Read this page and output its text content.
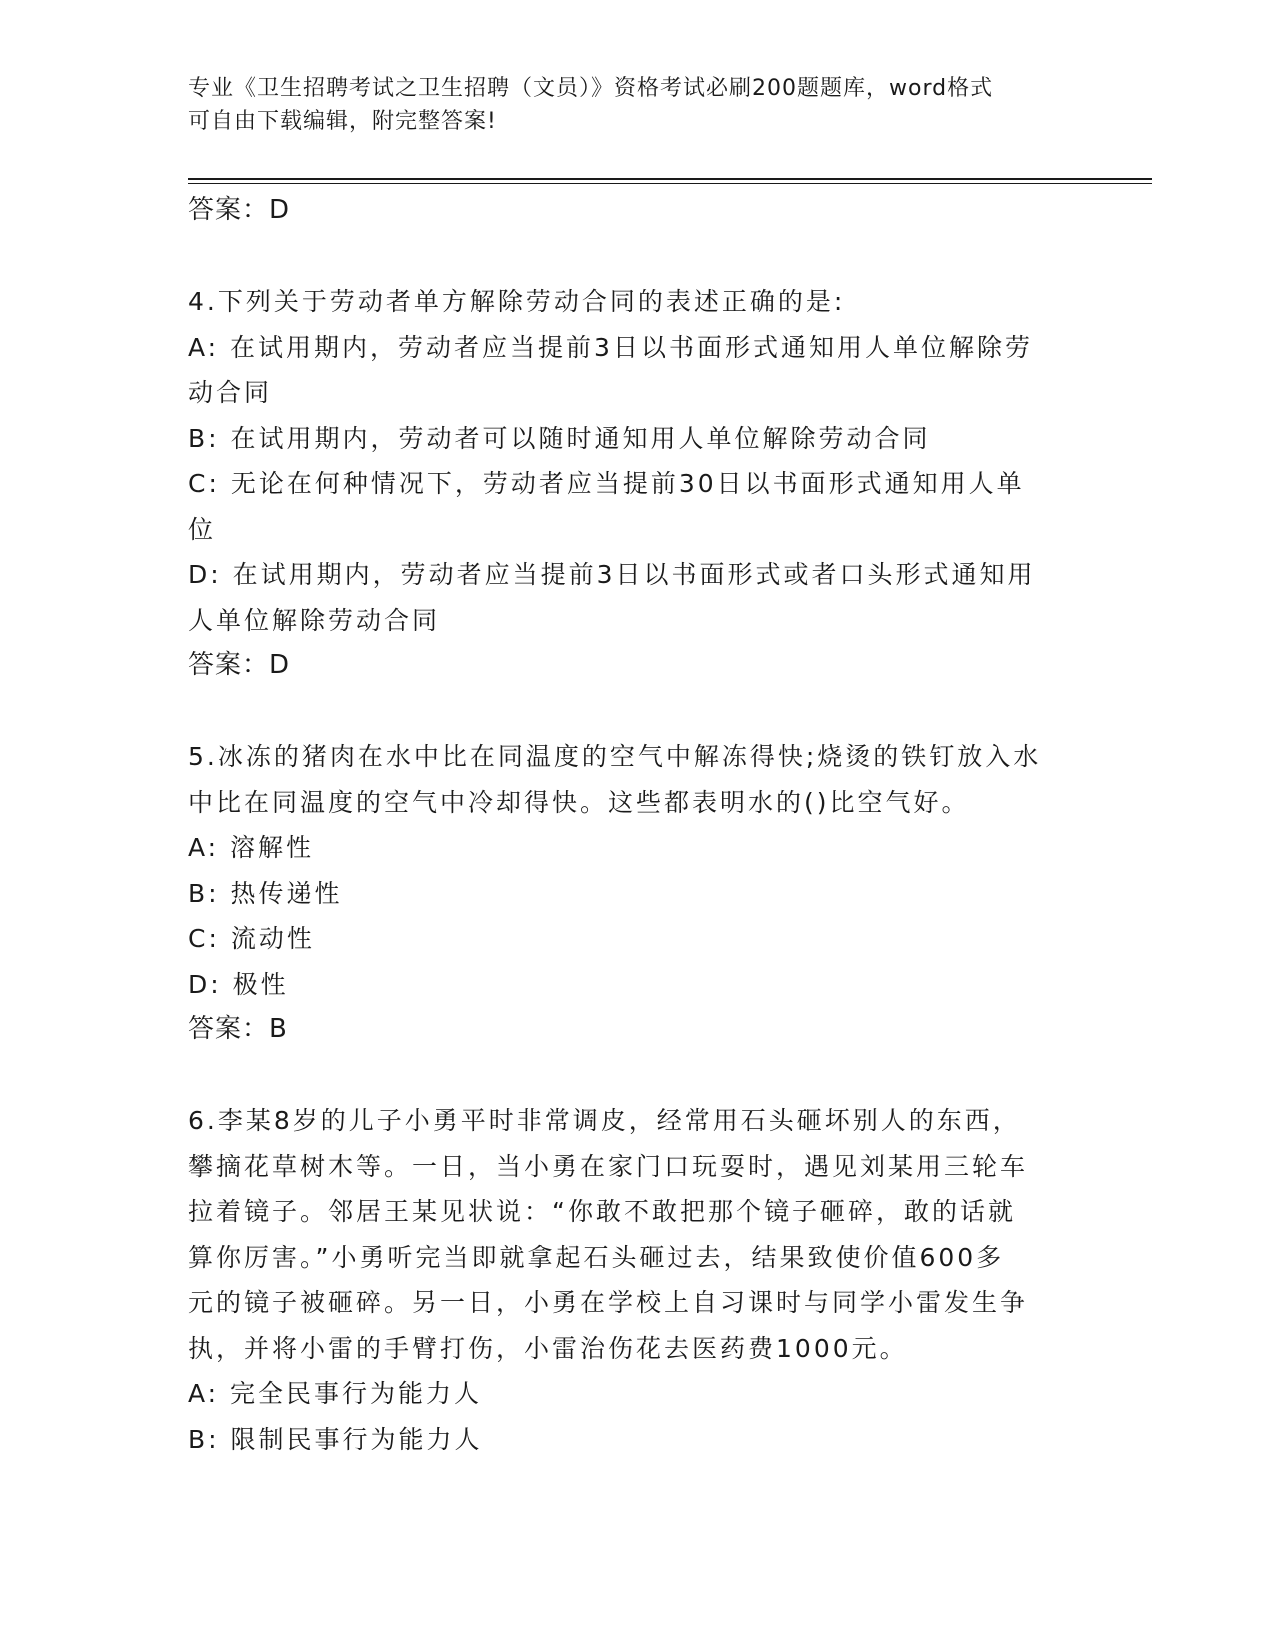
专业《卫生招聘考试之卫生招聘（文员）》资格考试必刷200题题库，word格式
可自由下载编辑，附完整答案!
答案：D
4.下列关于劳动者单方解除劳动合同的表述正确的是:
A: 在试用期内，劳动者应当提前3日以书面形式通知用人单位解除劳
动合同
B: 在试用期内，劳动者可以随时通知用人单位解除劳动合同
C: 无论在何种情况下，劳动者应当提前30日以书面形式通知用人单
位
D: 在试用期内，劳动者应当提前3日以书面形式或者口头形式通知用
人单位解除劳动合同
答案：D
5.冰冻的猪肉在水中比在同温度的空气中解冻得快;烧烫的铁钉放入水
中比在同温度的空气中冷却得快。这些都表明水的()比空气好。
A: 溶解性
B: 热传递性
C: 流动性
D: 极性
答案：B
6.李某8岁的儿子小勇平时非常调皮，经常用石头砸坏别人的东西，
攀摘花草树木等。一日，当小勇在家门口玩耍时，遇见刘某用三轮车
拉着镜子。邻居王某见状说：“你敢不敢把那个镜子砸碎，敢的话就
算你厉害。”小勇听完当即就拿起石头砸过去，结果致使价值600多
元的镜子被砸碎。另一日，小勇在学校上自习课时与同学小雷发生争
执，并将小雷的手臂打伤，小雷治伤花去医药费1000元。
A: 完全民事行为能力人
B: 限制民事行为能力人
